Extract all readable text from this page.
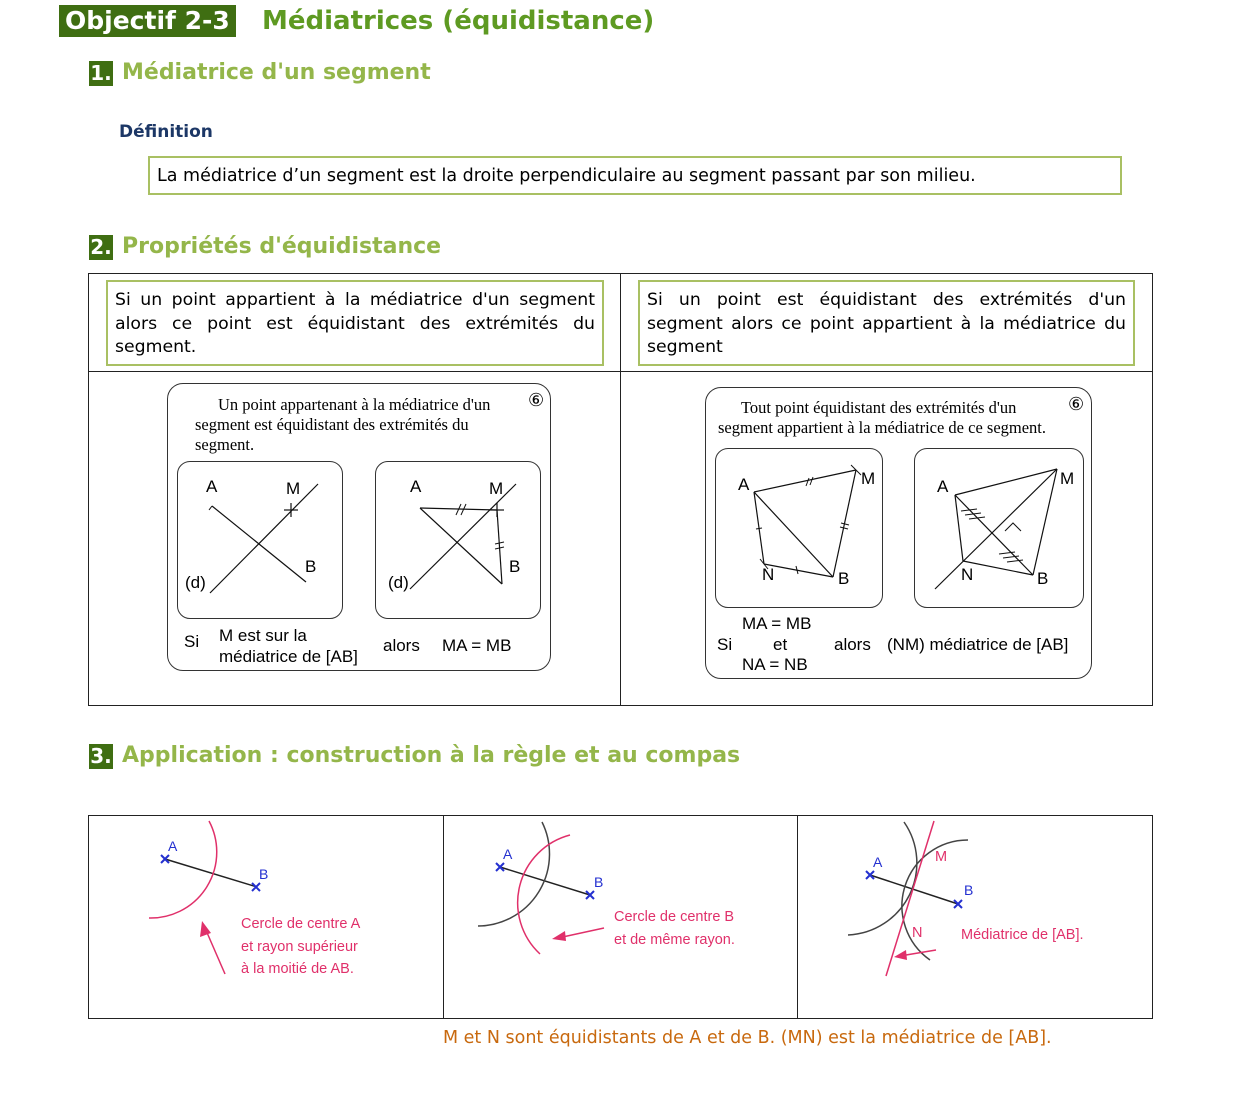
Objectif 2-3 Médiatrices (équidistance)
1. Médiatrice d'un segment
Définition
La médiatrice d’un segment est la droite perpendiculaire au segment passant par son milieu.
2. Propriétés d'équidistance
Si un point appartient à la médiatrice d'un segment alors ce point est équidistant des extrémités du segment.
Si un point est équidistant des extrémités d'un segment alors ce point appartient à la médiatrice du segment
Un point appartenant à la médiatrice d'un
segment est équidistant des extrémités du
segment.
⑥
A	M
B
(d)
A	M
B
(d)
Si M est sur la
médiatrice de [AB]
alors MA = MB
Tout point équidistant des extrémités d'un
segment appartient à la médiatrice de ce segment.
⑥
A	M
B
N
A	M
B
N
MA = MB
Si et
NA = NB
alors (NM) médiatrice de [AB]
3. Application : construction à la règle et au compas
A
B
Cercle de centre A
et rayon supérieur
à la moitié de AB.
A
B
Cercle de centre B
et de même rayon.
A	M
B
N	Médiatrice de [AB].
M et N sont équidistants de A et de B. (MN) est la médiatrice de [AB].
